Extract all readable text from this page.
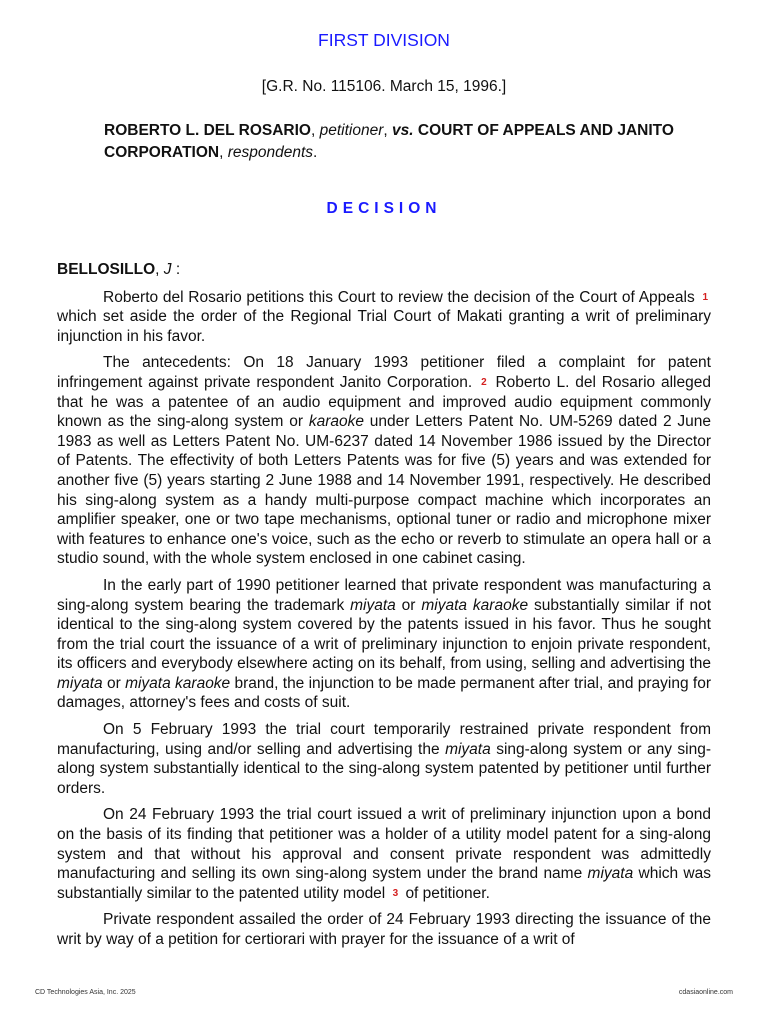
FIRST DIVISION
[G.R. No. 115106. March 15, 1996.]
ROBERTO L. DEL ROSARIO, petitioner, vs. COURT OF APPEALS AND JANITO CORPORATION, respondents.
DECISION

BELLOSILLO, J :

Roberto del Rosario petitions this Court to review the decision of the Court of Appeals 1 which set aside the order of the Regional Trial Court of Makati granting a writ of preliminary injunction in his favor.

The antecedents: On 18 January 1993 petitioner filed a complaint for patent infringement against private respondent Janito Corporation. 2 Roberto L. del Rosario alleged that he was a patentee of an audio equipment and improved audio equipment commonly known as the sing-along system or karaoke under Letters Patent No. UM-5269 dated 2 June 1983 as well as Letters Patent No. UM-6237 dated 14 November 1986 issued by the Director of Patents. The effectivity of both Letters Patents was for five (5) years and was extended for another five (5) years starting 2 June 1988 and 14 November 1991, respectively. He described his sing-along system as a handy multi-purpose compact machine which incorporates an amplifier speaker, one or two tape mechanisms, optional tuner or radio and microphone mixer with features to enhance one's voice, such as the echo or reverb to stimulate an opera hall or a studio sound, with the whole system enclosed in one cabinet casing.

In the early part of 1990 petitioner learned that private respondent was manufacturing a sing-along system bearing the trademark miyata or miyata karaoke substantially similar if not identical to the sing-along system covered by the patents issued in his favor. Thus he sought from the trial court the issuance of a writ of preliminary injunction to enjoin private respondent, its officers and everybody elsewhere acting on its behalf, from using, selling and advertising the miyata or miyata karaoke brand, the injunction to be made permanent after trial, and praying for damages, attorney's fees and costs of suit.

On 5 February 1993 the trial court temporarily restrained private respondent from manufacturing, using and/or selling and advertising the miyata sing-along system or any sing-along system substantially identical to the sing-along system patented by petitioner until further orders.

On 24 February 1993 the trial court issued a writ of preliminary injunction upon a bond on the basis of its finding that petitioner was a holder of a utility model patent for a sing-along system and that without his approval and consent private respondent was admittedly manufacturing and selling its own sing-along system under the brand name miyata which was substantially similar to the patented utility model 3 of petitioner.

Private respondent assailed the order of 24 February 1993 directing the issuance of the writ by way of a petition for certiorari with prayer for the issuance of a writ of

CD Technologies Asia, Inc. 2025	cdasiaonline.com
